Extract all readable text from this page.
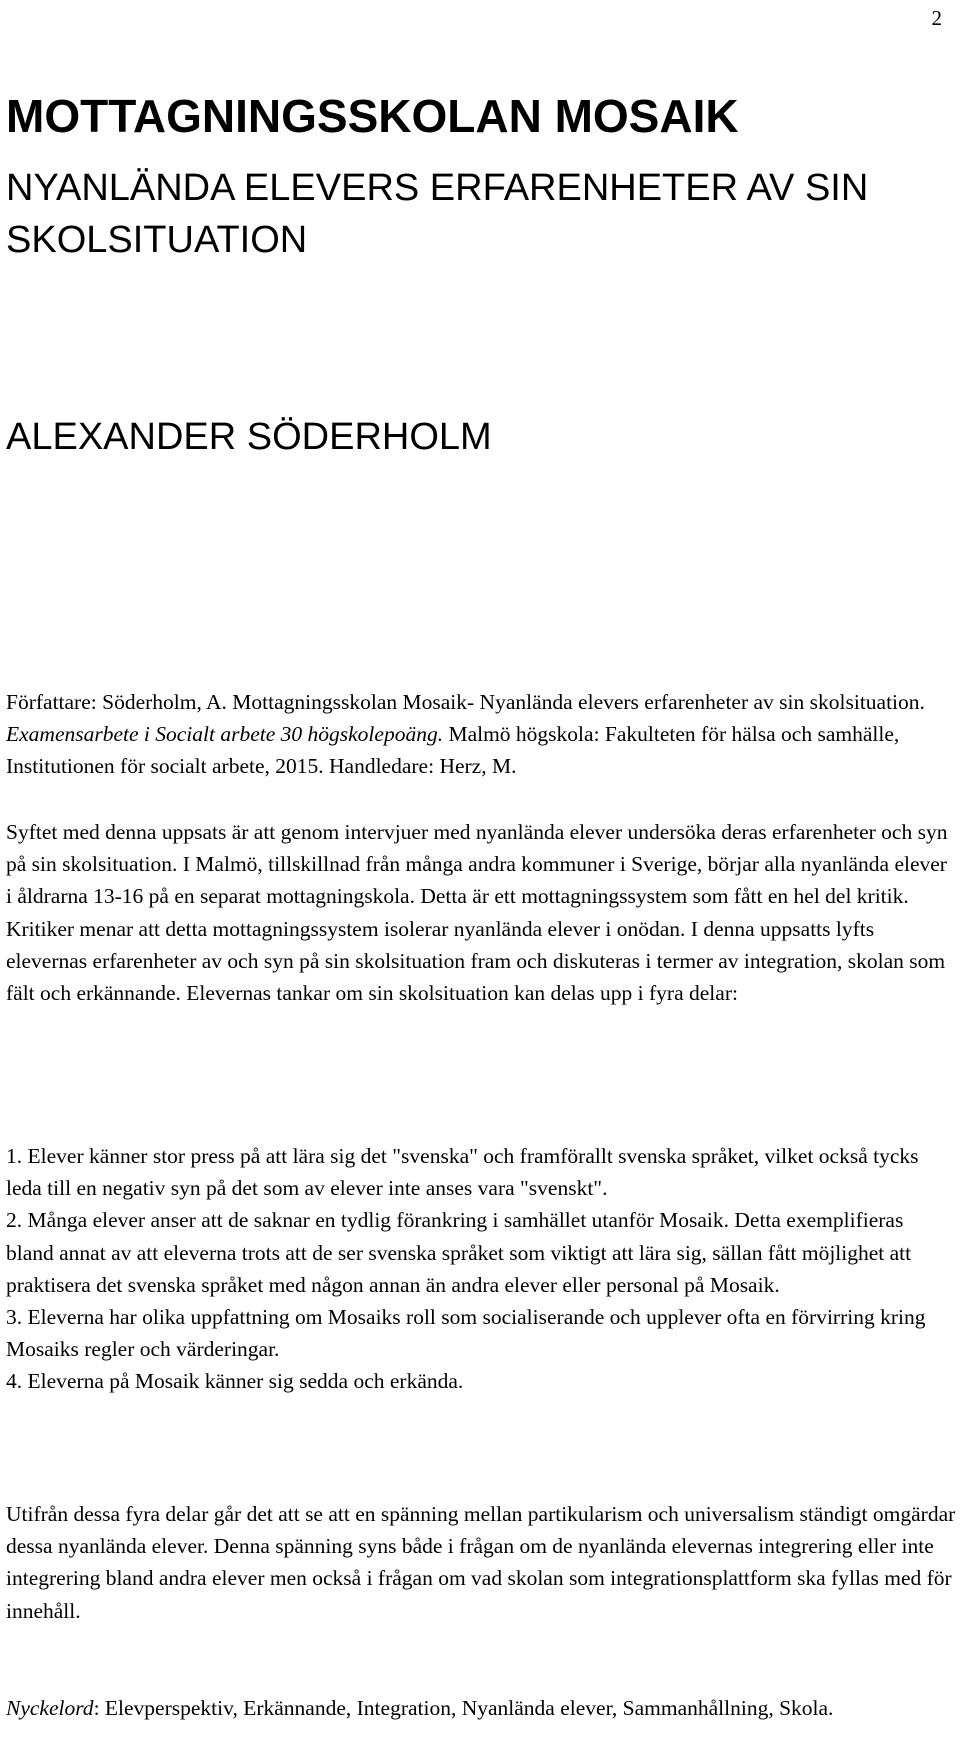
2
MOTTAGNINGSSKOLAN MOSAIK
NYANLÄNDA ELEVERS ERFARENHETER AV SIN SKOLSITUATION
ALEXANDER SÖDERHOLM

Författare: Söderholm, A. Mottagningsskolan Mosaik- Nyanlända elevers erfarenheter av sin skolsituation. Examensarbete i Socialt arbete 30 högskolepoäng. Malmö högskola: Fakulteten för hälsa och samhälle, Institutionen för socialt arbete, 2015. Handledare: Herz, M.

Syftet med denna uppsats är att genom intervjuer med nyanlända elever undersöka deras erfarenheter och syn på sin skolsituation. I Malmö, tillskillnad från många andra kommuner i Sverige, börjar alla nyanlända elever i åldrarna 13-16 på en separat mottagningskola. Detta är ett mottagningssystem som fått en hel del kritik. Kritiker menar att detta mottagningssystem isolerar nyanlända elever i onödan. I denna uppsatts lyfts elevernas erfarenheter av och syn på sin skolsituation fram och diskuteras i termer av integration, skolan som fält och erkännande. Elevernas tankar om sin skolsituation kan delas upp i fyra delar:

1. Elever känner stor press på att lära sig det "svenska" och framförallt svenska språket, vilket också tycks leda till en negativ syn på det som av elever inte anses vara "svenskt".
2. Många elever anser att de saknar en tydlig förankring i samhället utanför Mosaik. Detta exemplifieras bland annat av att eleverna trots att de ser svenska språket som viktigt att lära sig, sällan fått möjlighet att praktisera det svenska språket med någon annan än andra elever eller personal på Mosaik.
3. Eleverna har olika uppfattning om Mosaiks roll som socialiserande och upplever ofta en förvirring kring Mosaiks regler och värderingar.
4. Eleverna på Mosaik känner sig sedda och erkända.

Utifrån dessa fyra delar går det att se att en spänning mellan partikularism och universalism ständigt omgärdar dessa nyanlända elever. Denna spänning syns både i frågan om de nyanlända elevernas integrering eller inte integrering bland andra elever men också i frågan om vad skolan som integrationsplattform ska fyllas med för innehåll.

Nyckelord: Elevperspektiv, Erkännande, Integration, Nyanlända elever, Sammanhållning, Skola.
